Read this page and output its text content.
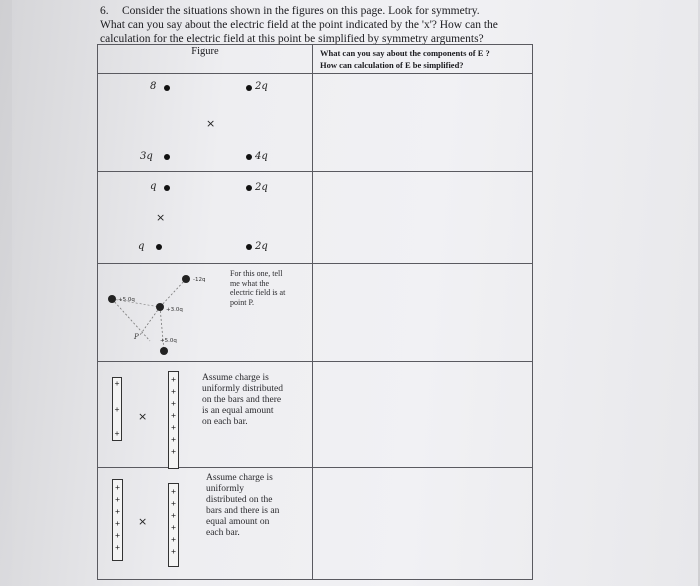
6. Consider the situations shown in the figures on this page. Look for symmetry.
What can you say about the electric field at the point indicated by the 'x'? How can the
calculation for the electric field at this point be simplified by symmetry arguments?
Figure	What can you say about the components of E ?
How can calculation of E be simplified?
8	2q
×
3q	4q
q	2q
×
q	2q
-12q
+5.0q
+3.0q
+5.0q
P
For this one, tell
me what the
electric field is at
point P.
+
+
+
+
+
+
+
+
+
+
×
Assume charge is
uniformly distributed
on the bars and there
is an equal amount
on each bar.
+
+
+
+
+
+
+
+
+
+
+
+
×
Assume charge is
uniformly
distributed on the
bars and there is an
equal amount on
each bar.
